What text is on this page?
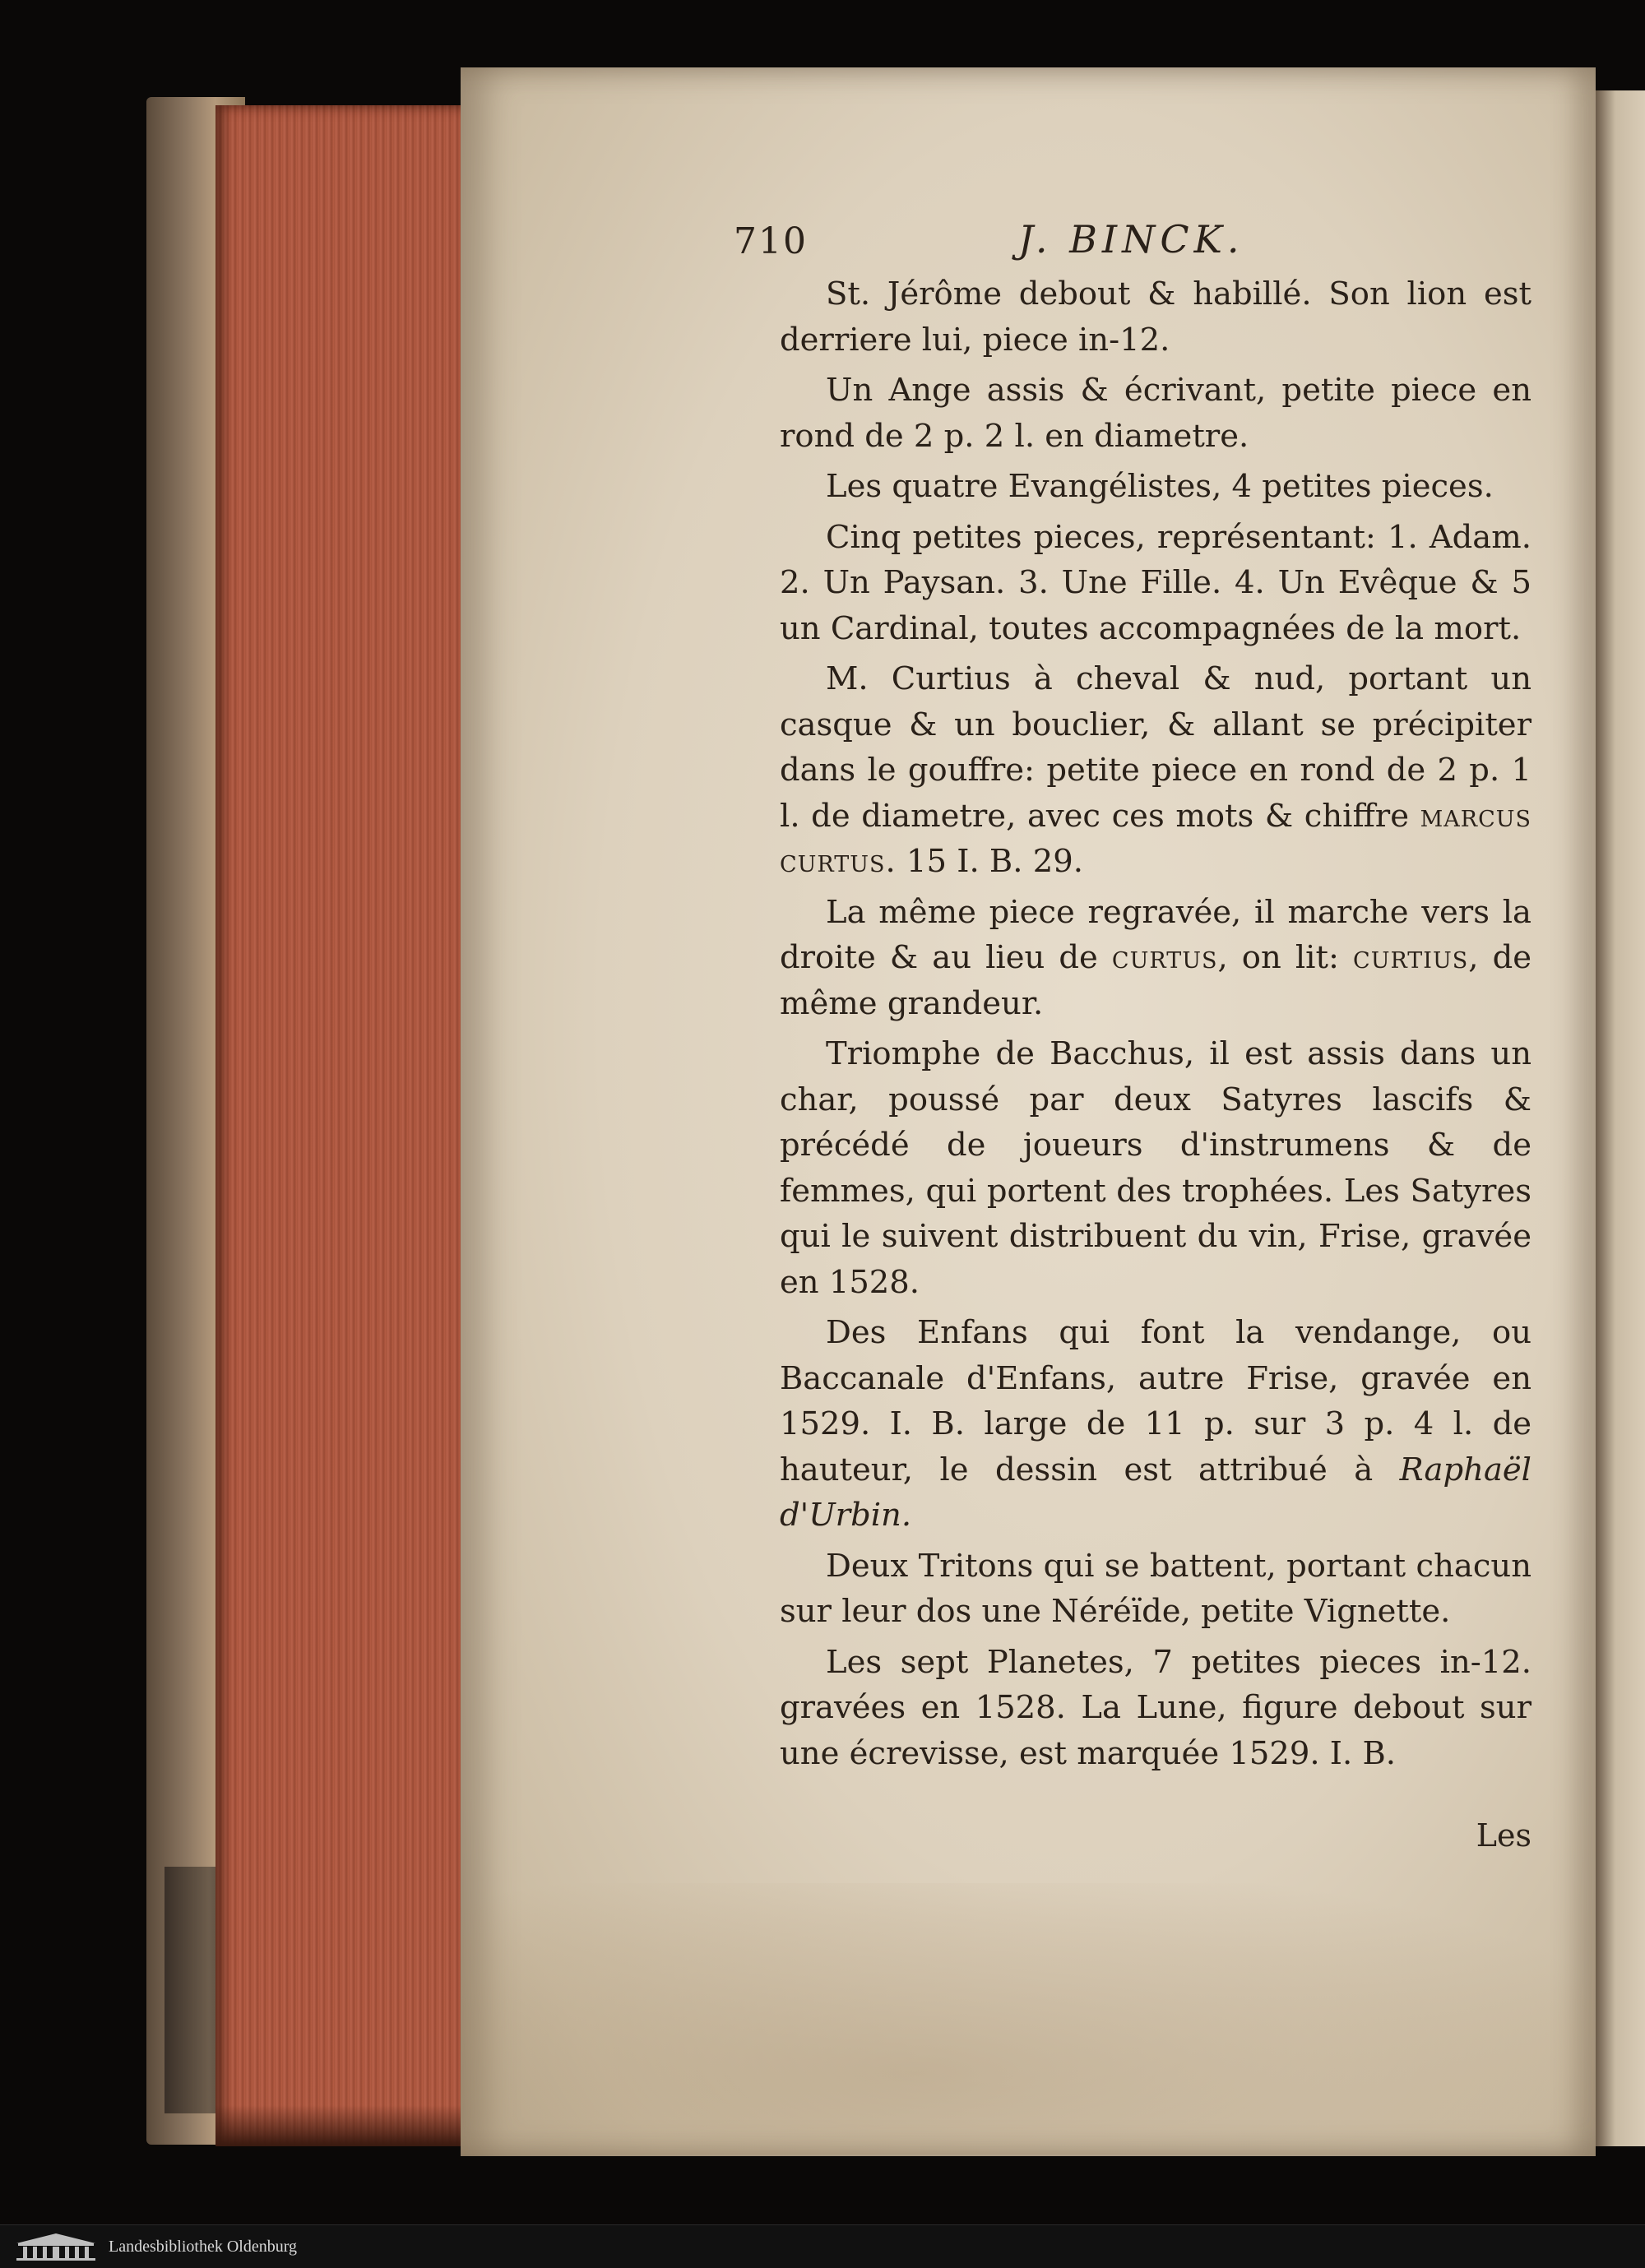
710	J. BINCK.

St. Jérôme debout & habillé. Son lion est derriere lui, piece in-12.

Un Ange assis & écrivant, petite piece en rond de 2 p. 2 l. en diametre.

Les quatre Evangélistes, 4 petites pieces.

Cinq petites pieces, représentant: 1. Adam. 2. Un Paysan. 3. Une Fille. 4. Un Evêque & 5 un Cardinal, toutes accompagnées de la mort.

M. Curtius à cheval & nud, portant un casque & un bouclier, & allant se précipiter dans le gouffre: petite piece en rond de 2 p. 1 l. de diametre, avec ces mots & chiffre marcus curtus. 15 I. B. 29.

La même piece regravée, il marche vers la droite & au lieu de curtus, on lit: curtius, de même grandeur.

Triomphe de Bacchus, il est assis dans un char, poussé par deux Satyres lascifs & précédé de joueurs d'instrumens & de femmes, qui portent des trophées. Les Satyres qui le suivent distribuent du vin, Frise, gravée en 1528.

Des Enfans qui font la vendange, ou Baccanale d'Enfans, autre Frise, gravée en 1529. I. B. large de 11 p. sur 3 p. 4 l. de hauteur, le dessin est attribué à Raphaël d'Urbin.

Deux Tritons qui se battent, portant chacun sur leur dos une Néréïde, petite Vignette.

Les sept Planetes, 7 petites pieces in-12. gravées en 1528. La Lune, figure debout sur une écrevisse, est marquée 1529. I. B.

Les
Landesbibliothek Oldenburg
